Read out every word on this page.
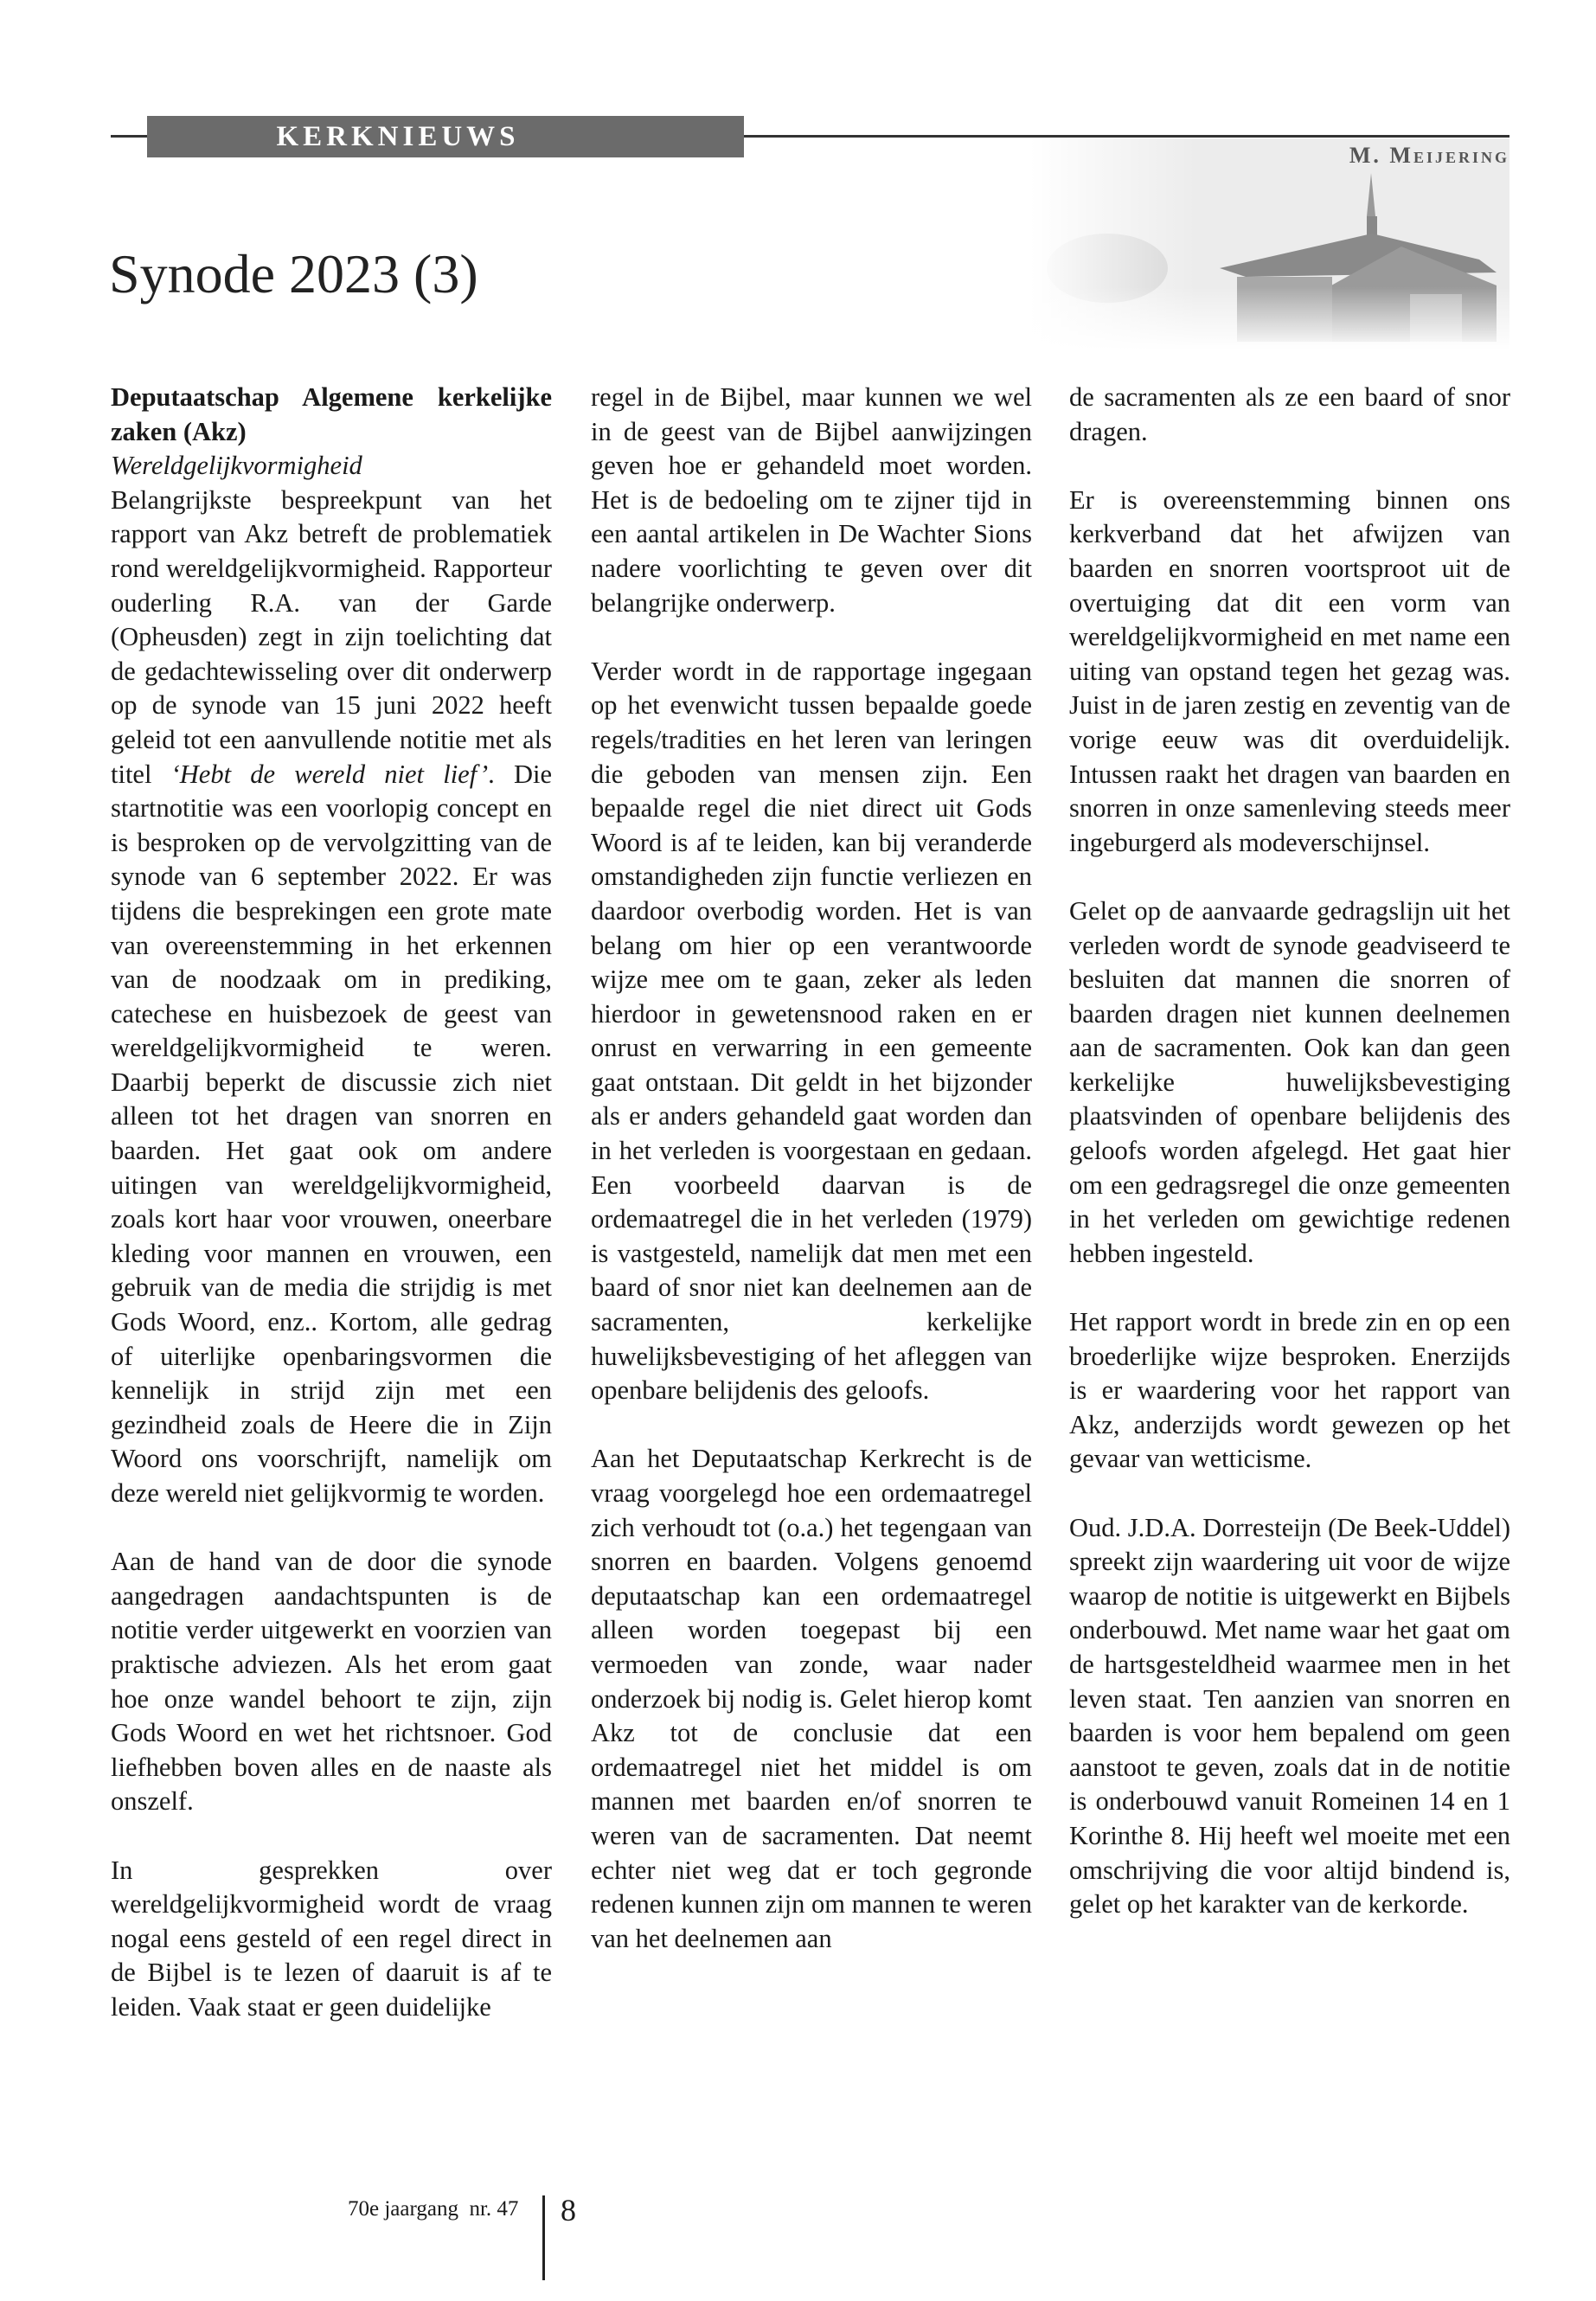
KERKNIEUWS
M. Meijering
Synode 2023 (3)
Deputaatschap Algemene kerkelijke zaken (Akz)
Wereldgelijkvormigheid

Belangrijkste bespreekpunt van het rapport van Akz betreft de problematiek rond wereldgelijkvormigheid. Rapporteur ouderling R.A. van der Garde (Opheusden) zegt in zijn toelichting dat de gedachtewisseling over dit onderwerp op de synode van 15 juni 2022 heeft geleid tot een aanvullende notitie met als titel ‘Hebt de wereld niet lief’. Die startnotitie was een voorlopig concept en is besproken op de vervolgzitting van de synode van 6 september 2022. Er was tijdens die besprekingen een grote mate van overeenstemming in het erkennen van de noodzaak om in prediking, catechese en huisbezoek de geest van wereldgelijkvormigheid te weren. Daarbij beperkt de discussie zich niet alleen tot het dragen van snorren en baarden. Het gaat ook om andere uitingen van wereldgelijkvormigheid, zoals kort haar voor vrouwen, oneerbare kleding voor mannen en vrouwen, een gebruik van de media die strijdig is met Gods Woord, enz.. Kortom, alle gedrag of uiterlijke openbaringsvormen die kennelijk in strijd zijn met een gezindheid zoals de Heere die in Zijn Woord ons voorschrijft, namelijk om deze wereld niet gelijkvormig te worden.

Aan de hand van de door die synode aangedragen aandachtspunten is de notitie verder uitgewerkt en voorzien van praktische adviezen. Als het erom gaat hoe onze wandel behoort te zijn, zijn Gods Woord en wet het richtsnoer. God liefhebben boven alles en de naaste als onszelf.

In gesprekken over wereldgelijkvormigheid wordt de vraag nogal eens gesteld of een regel direct in de Bijbel is te lezen of daaruit is af te leiden. Vaak staat er geen duidelijke

regel in de Bijbel, maar kunnen we wel in de geest van de Bijbel aanwijzingen geven hoe er gehandeld moet worden. Het is de bedoeling om te zijner tijd in een aantal artikelen in De Wachter Sions nadere voorlichting te geven over dit belangrijke onderwerp.

Verder wordt in de rapportage ingegaan op het evenwicht tussen bepaalde goede regels/tradities en het leren van leringen die geboden van mensen zijn. Een bepaalde regel die niet direct uit Gods Woord is af te leiden, kan bij veranderde omstandigheden zijn functie verliezen en daardoor overbodig worden. Het is van belang om hier op een verantwoorde wijze mee om te gaan, zeker als leden hierdoor in gewetensnood raken en er onrust en verwarring in een gemeente gaat ontstaan. Dit geldt in het bijzonder als er anders gehandeld gaat worden dan in het verleden is voorgestaan en gedaan. Een voorbeeld daarvan is de ordemaatregel die in het verleden (1979) is vastgesteld, namelijk dat men met een baard of snor niet kan deelnemen aan de sacramenten, kerkelijke huwelijksbevestiging of het afleggen van openbare belijdenis des geloofs.

Aan het Deputaatschap Kerkrecht is de vraag voorgelegd hoe een ordemaatregel zich verhoudt tot (o.a.) het tegengaan van snorren en baarden. Volgens genoemd deputaatschap kan een ordemaatregel alleen worden toegepast bij een vermoeden van zonde, waar nader onderzoek bij nodig is. Gelet hierop komt Akz tot de conclusie dat een ordemaatregel niet het middel is om mannen met baarden en/of snorren te weren van de sacramenten. Dat neemt echter niet weg dat er toch gegronde redenen kunnen zijn om mannen te weren van het deelnemen aan

de sacramenten als ze een baard of snor dragen.

Er is overeenstemming binnen ons kerkverband dat het afwijzen van baarden en snorren voortsproot uit de overtuiging dat dit een vorm van wereldgelijkvormigheid en met name een uiting van opstand tegen het gezag was. Juist in de jaren zestig en zeventig van de vorige eeuw was dit overduidelijk. Intussen raakt het dragen van baarden en snorren in onze samenleving steeds meer ingeburgerd als modeverschijnsel.

Gelet op de aanvaarde gedragslijn uit het verleden wordt de synode geadviseerd te besluiten dat mannen die snorren of baarden dragen niet kunnen deelnemen aan de sacramenten. Ook kan dan geen kerkelijke huwelijksbevestiging plaatsvinden of openbare belijdenis des geloofs worden afgelegd. Het gaat hier om een gedragsregel die onze gemeenten in het verleden om gewichtige redenen hebben ingesteld.

Het rapport wordt in brede zin en op een broederlijke wijze besproken. Enerzijds is er waardering voor het rapport van Akz, anderzijds wordt gewezen op het gevaar van wetticisme.

Oud. J.D.A. Dorresteijn (De Beek-Uddel) spreekt zijn waardering uit voor de wijze waarop de notitie is uitgewerkt en Bijbels onderbouwd. Met name waar het gaat om de hartsgesteldheid waarmee men in het leven staat. Ten aanzien van snorren en baarden is voor hem bepalend om geen aanstoot te geven, zoals dat in de notitie is onderbouwd vanuit Romeinen 14 en 1 Korinthe 8. Hij heeft wel moeite met een omschrijving die voor altijd bindend is, gelet op het karakter van de kerkorde.

70e jaargang  nr. 47 8
